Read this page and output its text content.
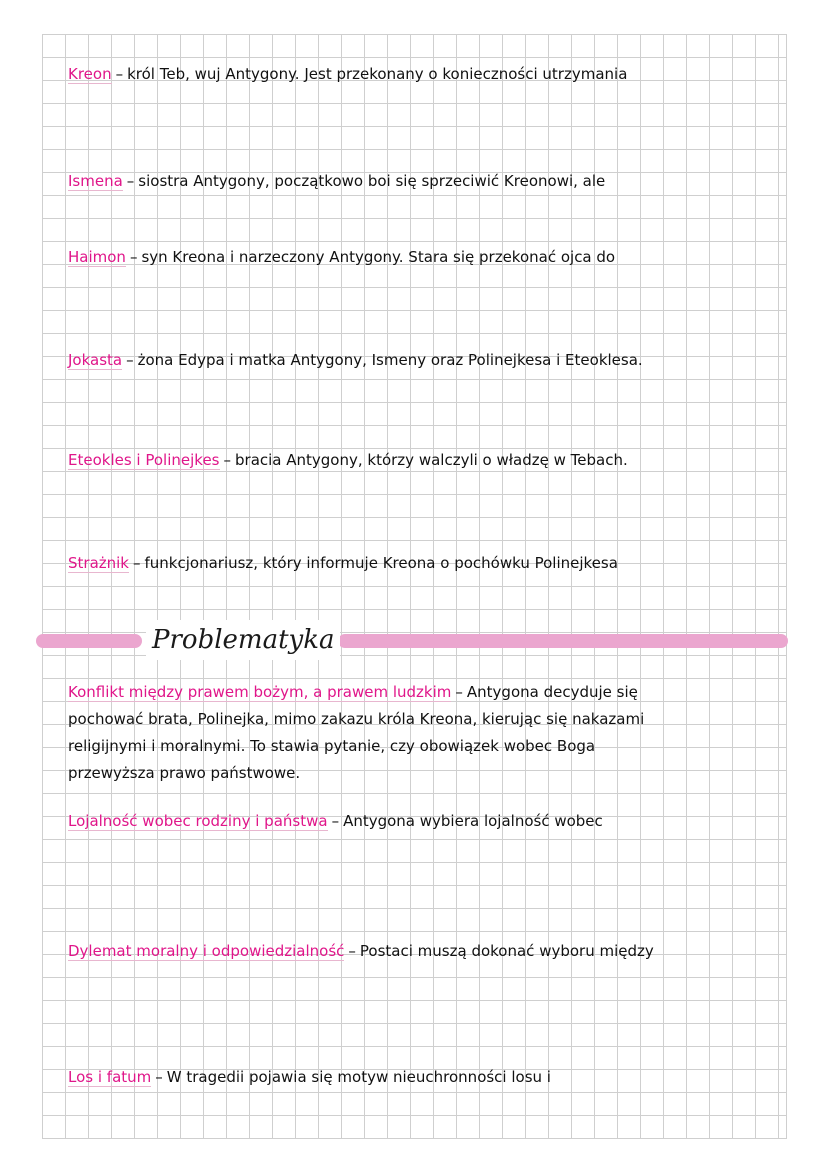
Kreon – król Teb, wuj Antygony. Jest przekonany o konieczności utrzymania
Ismena – siostra Antygony, początkowo boi się sprzeciwić Kreonowi, ale
Haimon – syn Kreona i narzeczony Antygony. Stara się przekonać ojca do
Jokasta – żona Edypa i matka Antygony, Ismeny oraz Polinejkesa i Eteoklesa.
Eteokles i Polinejkes – bracia Antygony, którzy walczyli o władzę w Tebach.
Strażnik – funkcjonariusz, który informuje Kreona o pochówku Polinejkesa
Problematyka

Konflikt między prawem bożym, a prawem ludzkim – Antygona decyduje się

pochować brata, Polinejka, mimo zakazu króla Kreona, kierując się nakazami

religijnymi i moralnymi. To stawia pytanie, czy obowiązek wobec Boga

przewyższa prawo państwowe.

Lojalność wobec rodziny i państwa – Antygona wybiera lojalność wobec
Dylemat moralny i odpowiedzialność – Postaci muszą dokonać wyboru między
Los i fatum – W tragedii pojawia się motyw nieuchronności losu i
